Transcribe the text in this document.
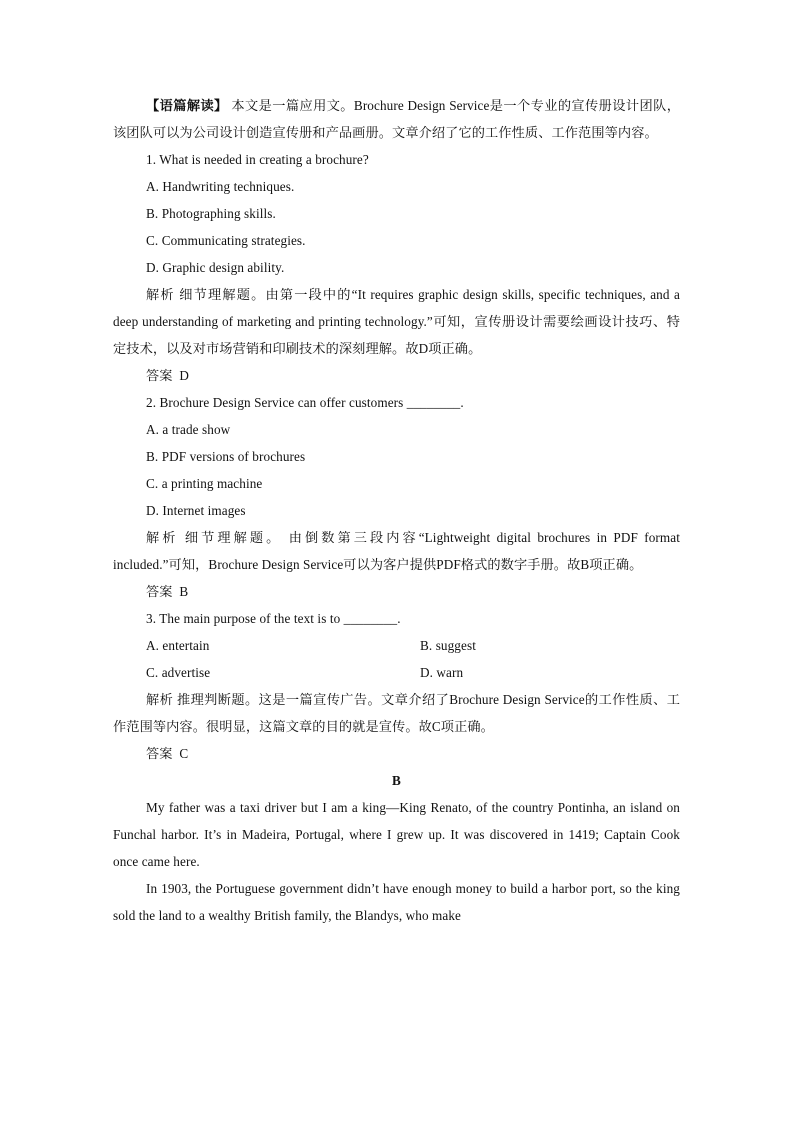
【语篇解读】 本文是一篇应用文。Brochure Design Service是一个专业的宣传册设计团队，该团队可以为公司设计创造宣传册和产品画册。文章介绍了它的工作性质、工作范围等内容。

1. What is needed in creating a brochure?

A. Handwriting techniques.

B. Photographing skills.

C. Communicating strategies.

D. Graphic design ability.

解析 细节理解题。由第一段中的“It requires graphic design skills, specific techniques, and a deep understanding of marketing and printing technology.”可知，宣传册设计需要绘画设计技巧、特定技术，以及对市场营销和印刷技术的深刻理解。故D项正确。

答案 D

2. Brochure Design Service can offer customers ________.

A. a trade show

B. PDF versions of brochures

C. a printing machine

D. Internet images

解析 细节理解题。 由倒数第三段内容“Lightweight digital brochures in PDF format included.”可知，Brochure Design Service可以为客户提供PDF格式的数字手册。故B项正确。

答案 B

3. The main purpose of the text is to ________.

A. entertain	B. suggest
C. advertise	D. warn

解析 推理判断题。这是一篇宣传广告。文章介绍了Brochure Design Service的工作性质、工作范围等内容。很明显，这篇文章的目的就是宣传。故C项正确。

答案 C

B

My father was a taxi driver but I am a king—King Renato, of the country Pontinha, an island on Funchal harbor. It’s in Madeira, Portugal, where I grew up. It was discovered in 1419; Captain Cook once came here.

In 1903, the Portuguese government didn’t have enough money to build a harbor port, so the king sold the land to a wealthy British family, the Blandys, who make
